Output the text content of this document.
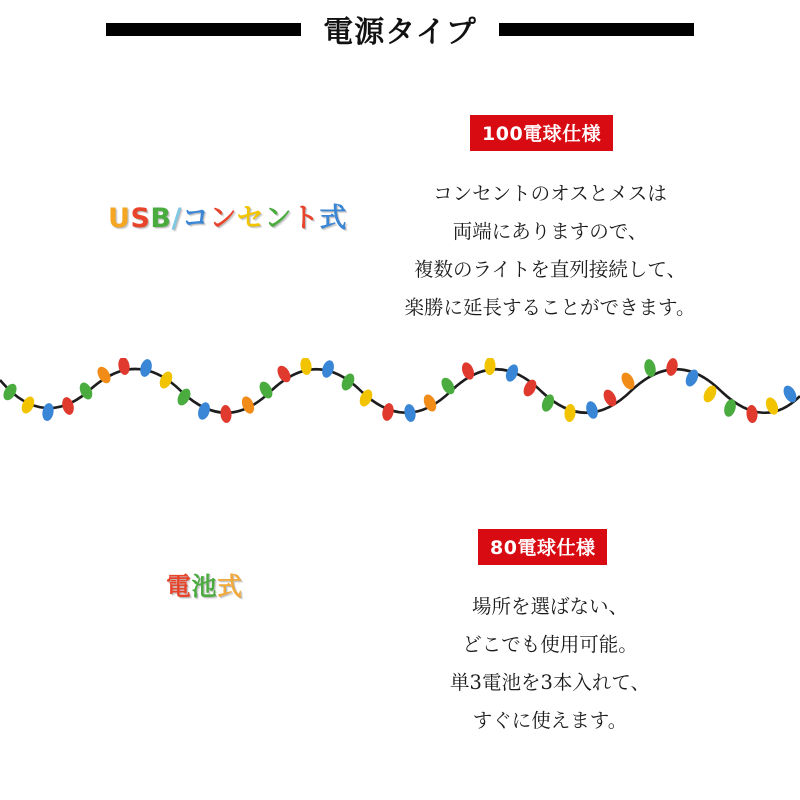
電源タイプ
100電球仕様
USB/コンセント式
コンセントのオスとメスは
両端にありますので、
複数のライトを直列接続して、
楽勝に延長することができます。
80電球仕様
電池式
場所を選ばない、
どこでも使用可能。
単3電池を3本入れて、
すぐに使えます。
